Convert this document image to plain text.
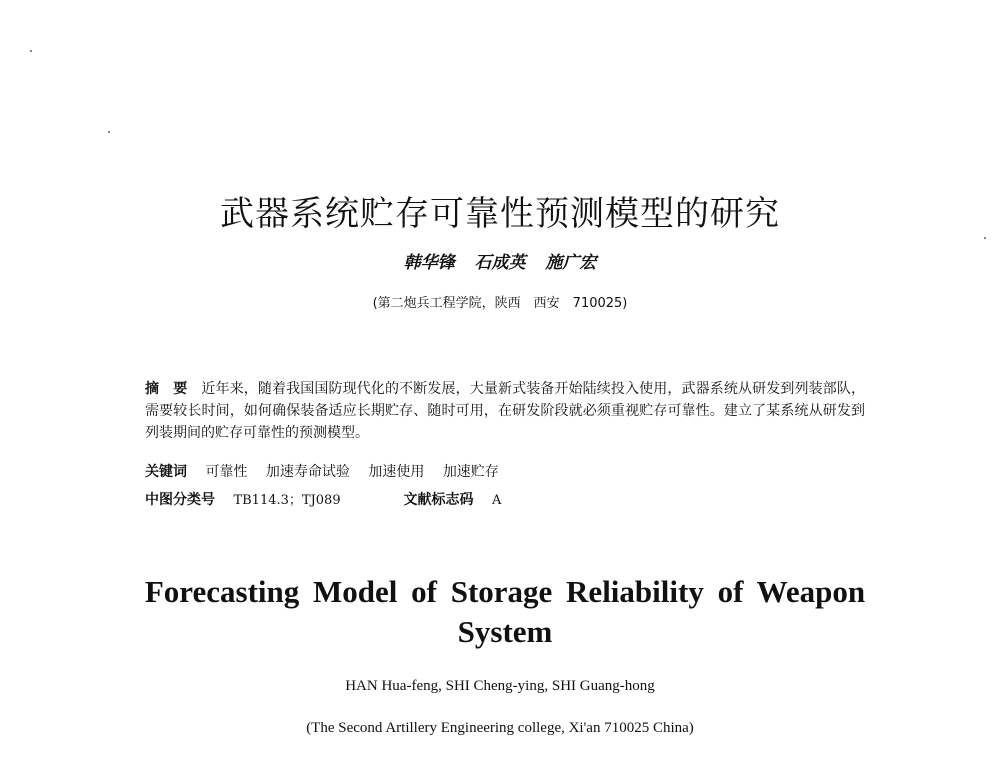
武器系统贮存可靠性预测模型的研究
韩华锋 石成英 施广宏
(第二炮兵工程学院，陕西　西安　710025)
摘　要 近年来，随着我国国防现代化的不断发展，大量新式装备开始陆续投入使用，武器系统从研发到列装部队，需要较长时间，如何确保装备适应长期贮存、随时可用，在研发阶段就必须重视贮存可靠性。建立了某系统从研发到列装期间的贮存可靠性的预测模型。
关键词 可靠性 加速寿命试验 加速使用 加速贮存
中图分类号 TB114.3；TJ089	文献标志码 A
Forecasting Model of Storage Reliability of Weapon System
HAN Hua-feng, SHI Cheng-ying, SHI Guang-hong
(The Second Artillery Engineering college, Xi'an 710025 China)
